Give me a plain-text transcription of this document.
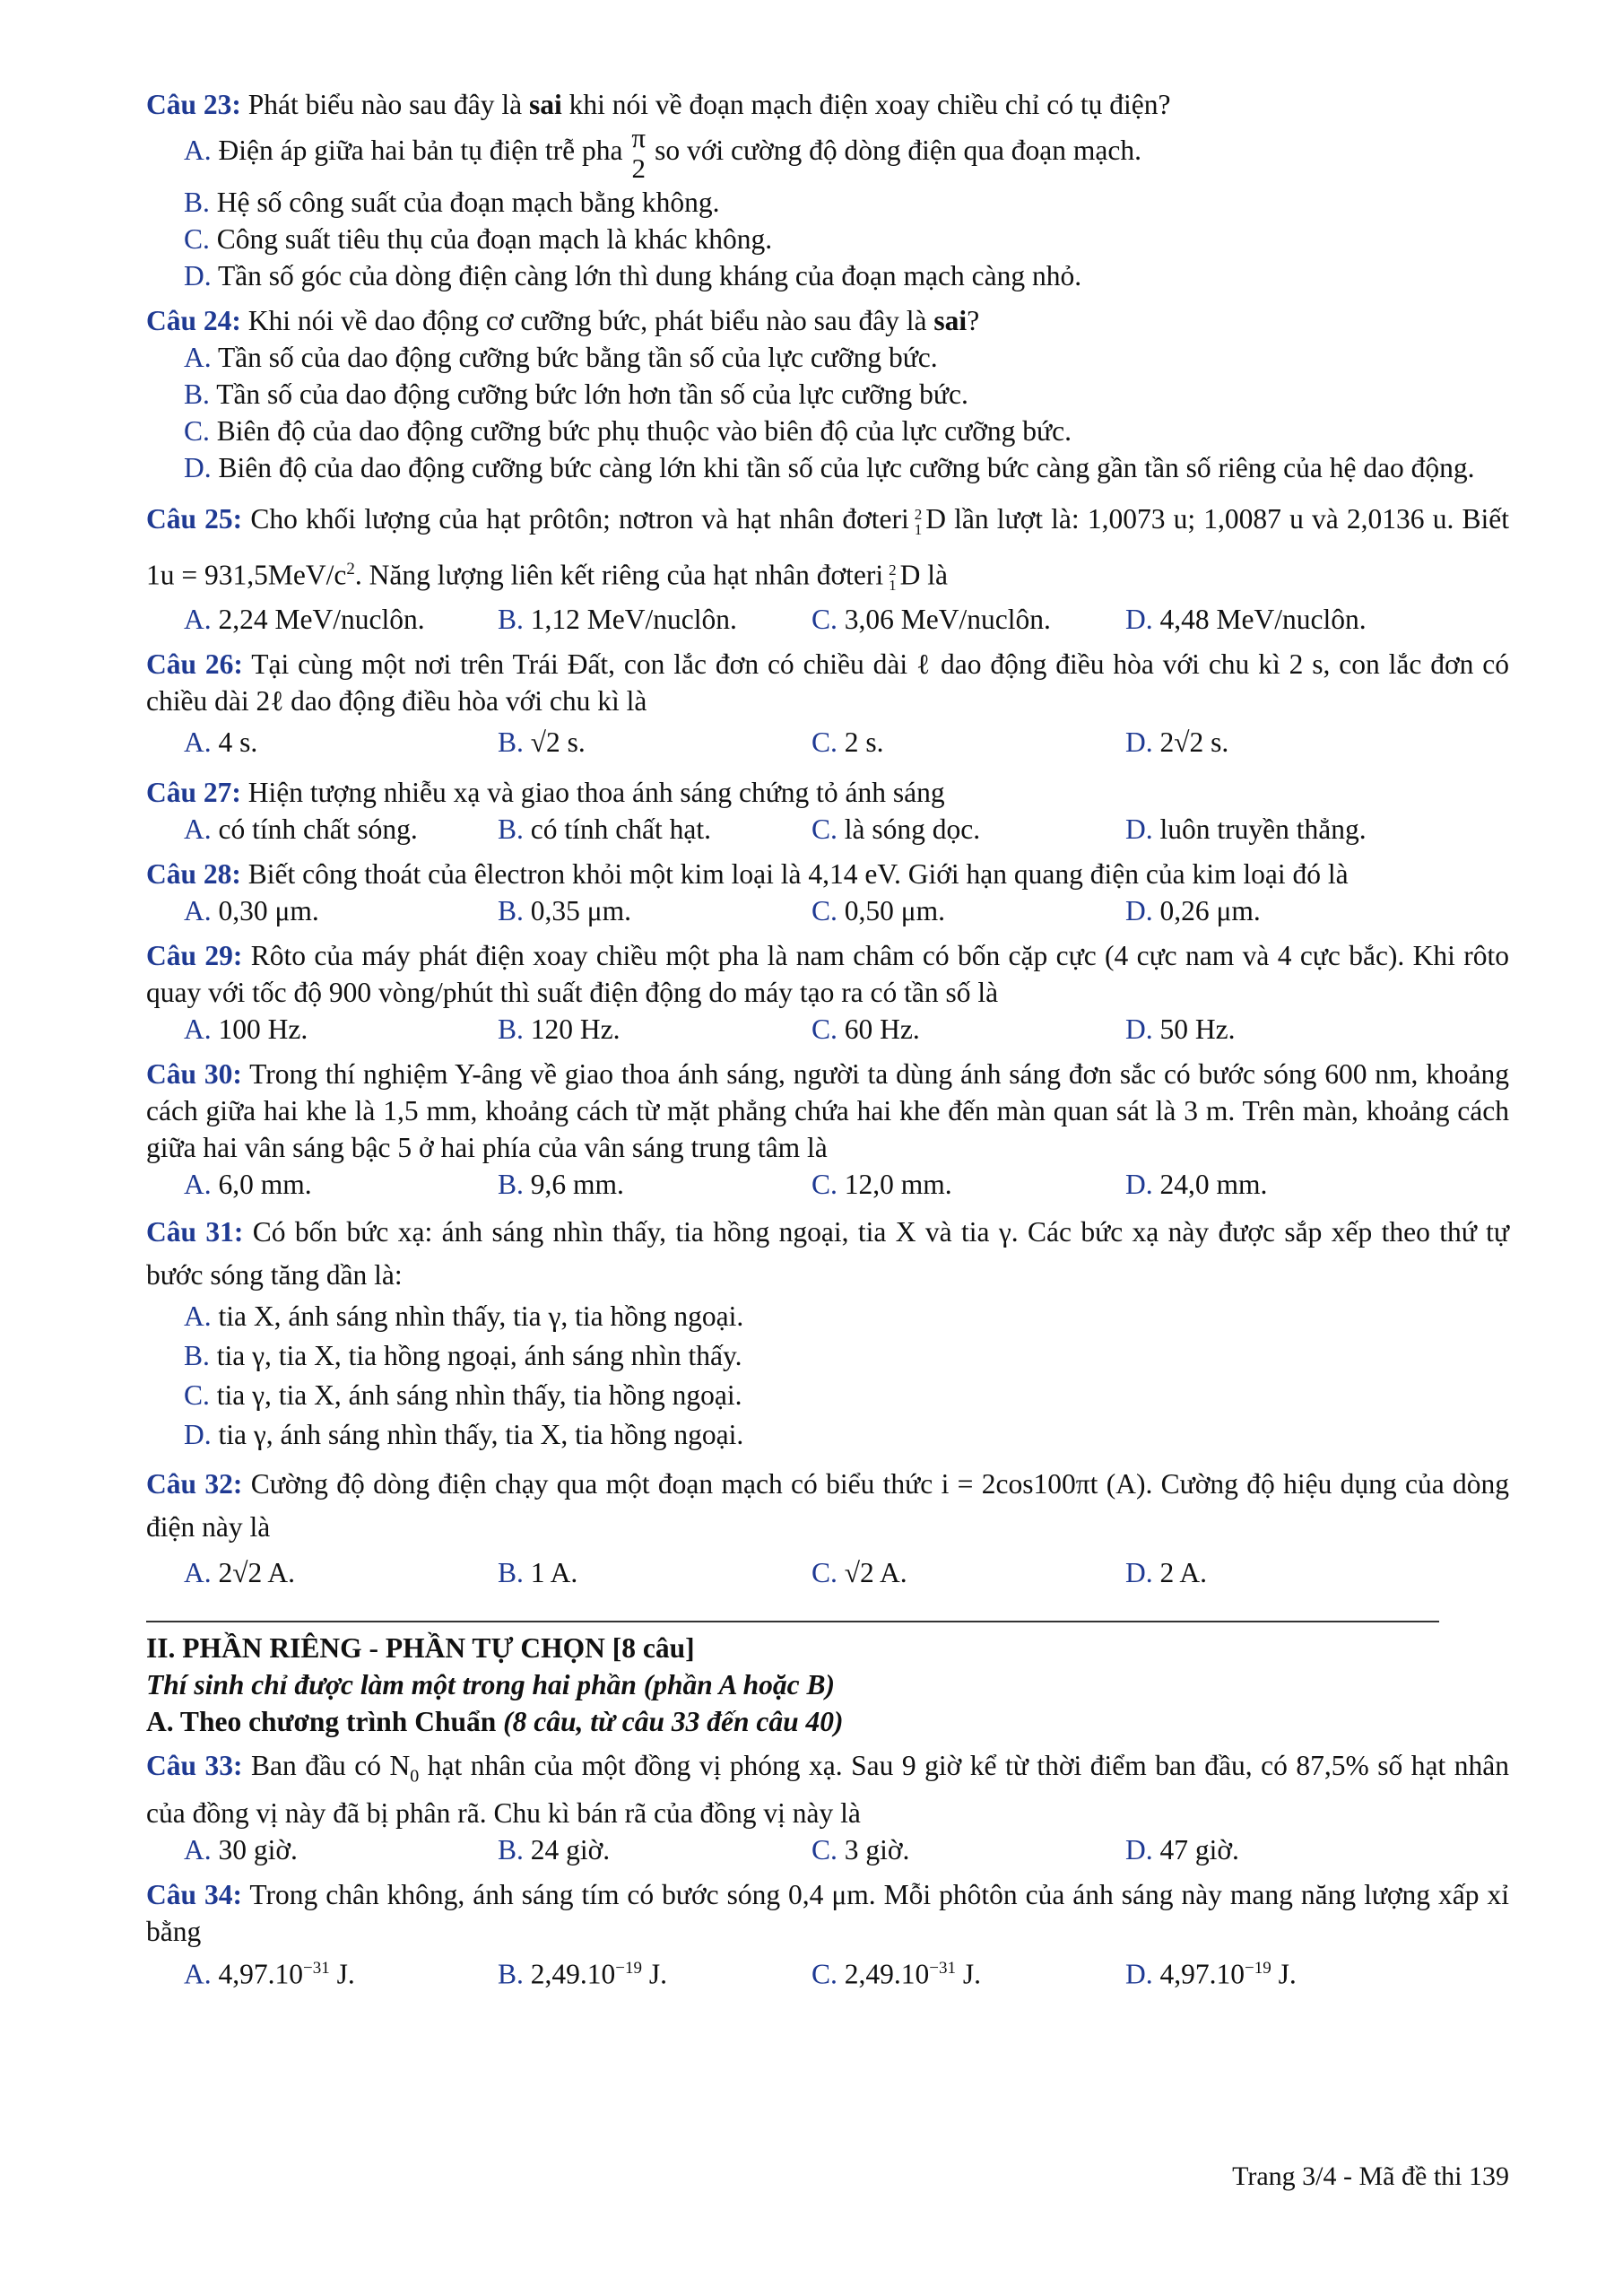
Câu 23: Phát biểu nào sau đây là sai khi nói về đoạn mạch điện xoay chiều chỉ có tụ điện?

A. Điện áp giữa hai bản tụ điện trễ pha π
2
so với cường độ dòng điện qua đoạn mạch.
B. Hệ số công suất của đoạn mạch bằng không.
C. Công suất tiêu thụ của đoạn mạch là khác không.
D. Tần số góc của dòng điện càng lớn thì dung kháng của đoạn mạch càng nhỏ.

Câu 24: Khi nói về dao động cơ cưỡng bức, phát biểu nào sau đây là sai?

A. Tần số của dao động cưỡng bức bằng tần số của lực cưỡng bức.
B. Tần số của dao động cưỡng bức lớn hơn tần số của lực cưỡng bức.
C. Biên độ của dao động cưỡng bức phụ thuộc vào biên độ của lực cưỡng bức.

D. Biên độ của dao động cưỡng bức càng lớn khi tần số của lực cưỡng bức càng gần tần số riêng của hệ dao động.

Câu 25: Cho khối lượng của hạt prôtôn; nơtron và hạt nhân đơteri 2
1 D lần lượt là: 1,0073 u; 1,0087 u và 2,0136 u. Biết $1u = 931,5MeV/c^2$. Năng lượng liên kết riêng của hạt nhân đơteri 2
1 D là

A. 2,24 MeV/nuclôn.	B. 1,12 MeV/nuclôn.	C. 3,06 MeV/nuclôn.	D. 4,48 MeV/nuclôn.

Câu 26: Tại cùng một nơi trên Trái Đất, con lắc đơn có chiều dài ℓ dao động điều hòa với chu kì 2 s, con lắc đơn có chiều dài 2ℓ dao động điều hòa với chu kì là

A. 4 s.	B. √2 s.	C. 2 s.	D. 2√2 s.

Câu 27: Hiện tượng nhiễu xạ và giao thoa ánh sáng chứng tỏ ánh sáng

A. có tính chất sóng.	B. có tính chất hạt.	C. là sóng dọc.	D. luôn truyền thẳng.

Câu 28: Biết công thoát của êlectron khỏi một kim loại là 4,14 eV. Giới hạn quang điện của kim loại đó là

A. 0,30 μm.	B. 0,35 μm.	C. 0,50 μm.	D. 0,26 μm.

Câu 29: Rôto của máy phát điện xoay chiều một pha là nam châm có bốn cặp cực (4 cực nam và 4 cực bắc). Khi rôto quay với tốc độ 900 vòng/phút thì suất điện động do máy tạo ra có tần số là

A. 100 Hz.	B. 120 Hz.	C. 60 Hz.	D. 50 Hz.

Câu 30: Trong thí nghiệm Y-âng về giao thoa ánh sáng, người ta dùng ánh sáng đơn sắc có bước sóng 600 nm, khoảng cách giữa hai khe là 1,5 mm, khoảng cách từ mặt phẳng chứa hai khe đến màn quan sát là 3 m. Trên màn, khoảng cách giữa hai vân sáng bậc 5 ở hai phía của vân sáng trung tâm là

A. 6,0 mm.	B. 9,6 mm.	C. 12,0 mm.	D. 24,0 mm.

Câu 31: Có bốn bức xạ: ánh sáng nhìn thấy, tia hồng ngoại, tia X và tia γ. Các bức xạ này được sắp xếp theo thứ tự bước sóng tăng dần là:

A. tia X, ánh sáng nhìn thấy, tia γ, tia hồng ngoại.
B. tia γ, tia X, tia hồng ngoại, ánh sáng nhìn thấy.
C. tia γ, tia X, ánh sáng nhìn thấy, tia hồng ngoại.
D. tia γ, ánh sáng nhìn thấy, tia X, tia hồng ngoại.

Câu 32: Cường độ dòng điện chạy qua một đoạn mạch có biểu thức i = 2cos100πt (A). Cường độ hiệu dụng của dòng điện này là

A. 2√2 A.	B. 1 A.	C. √2 A.	D. 2 A.

II. PHẦN RIÊNG - PHẦN TỰ CHỌN [8 câu]

Thí sinh chỉ được làm một trong hai phần (phần A hoặc B)

A. Theo chương trình Chuẩn (8 câu, từ câu 33 đến câu 40)

Câu 33: Ban đầu có $N_0$ hạt nhân của một đồng vị phóng xạ. Sau 9 giờ kể từ thời điểm ban đầu, có 87,5% số hạt nhân của đồng vị này đã bị phân rã. Chu kì bán rã của đồng vị này là

A. 30 giờ.	B. 24 giờ.	C. 3 giờ.	D. 47 giờ.

Câu 34: Trong chân không, ánh sáng tím có bước sóng 0,4 μm. Mỗi phôtôn của ánh sáng này mang năng lượng xấp xỉ bằng

A. $4,97.10^{-31}$ J.	B. $2,49.10^{-19}$ J.	C. $2,49.10^{-31}$ J.	D. $4,97.10^{-19}$ J.
Trang 3/4 - Mã đề thi 139
